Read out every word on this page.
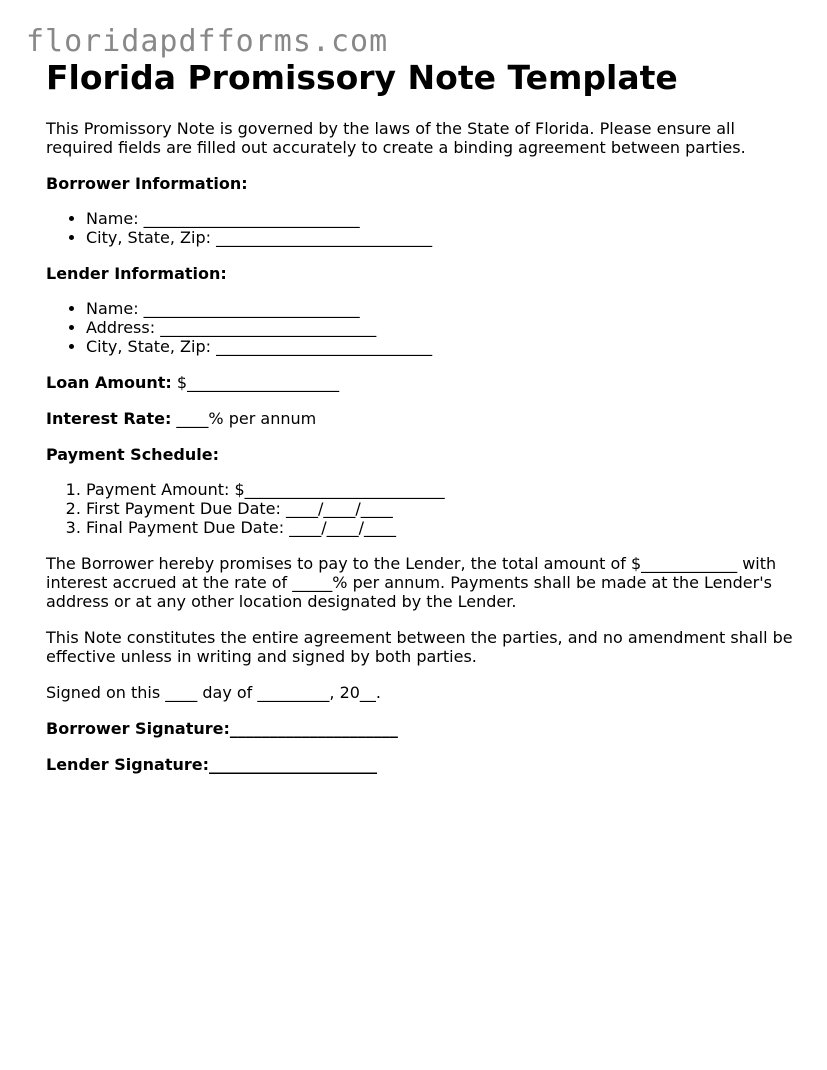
floridapdfforms.com
Florida Promissory Note Template

This Promissory Note is governed by the laws of the State of Florida. Please ensure all required fields are filled out accurately to create a binding agreement between parties.

Borrower Information:

• Name: ___________________________
• City, State, Zip: ___________________________

Lender Information:

• Name: ___________________________
• Address: ___________________________
• City, State, Zip: ___________________________

Loan Amount: $___________________

Interest Rate: ____% per annum

Payment Schedule:

1. Payment Amount: $_________________________
2. First Payment Due Date: ____/____/____
3. Final Payment Due Date: ____/____/____

The Borrower hereby promises to pay to the Lender, the total amount of $____________ with interest accrued at the rate of _____% per annum. Payments shall be made at the Lender's address or at any other location designated by the Lender.

This Note constitutes the entire agreement between the parties, and no amendment shall be effective unless in writing and signed by both parties.

Signed on this ____ day of _________, 20__.

Borrower Signature:_____________________

Lender Signature:_____________________
